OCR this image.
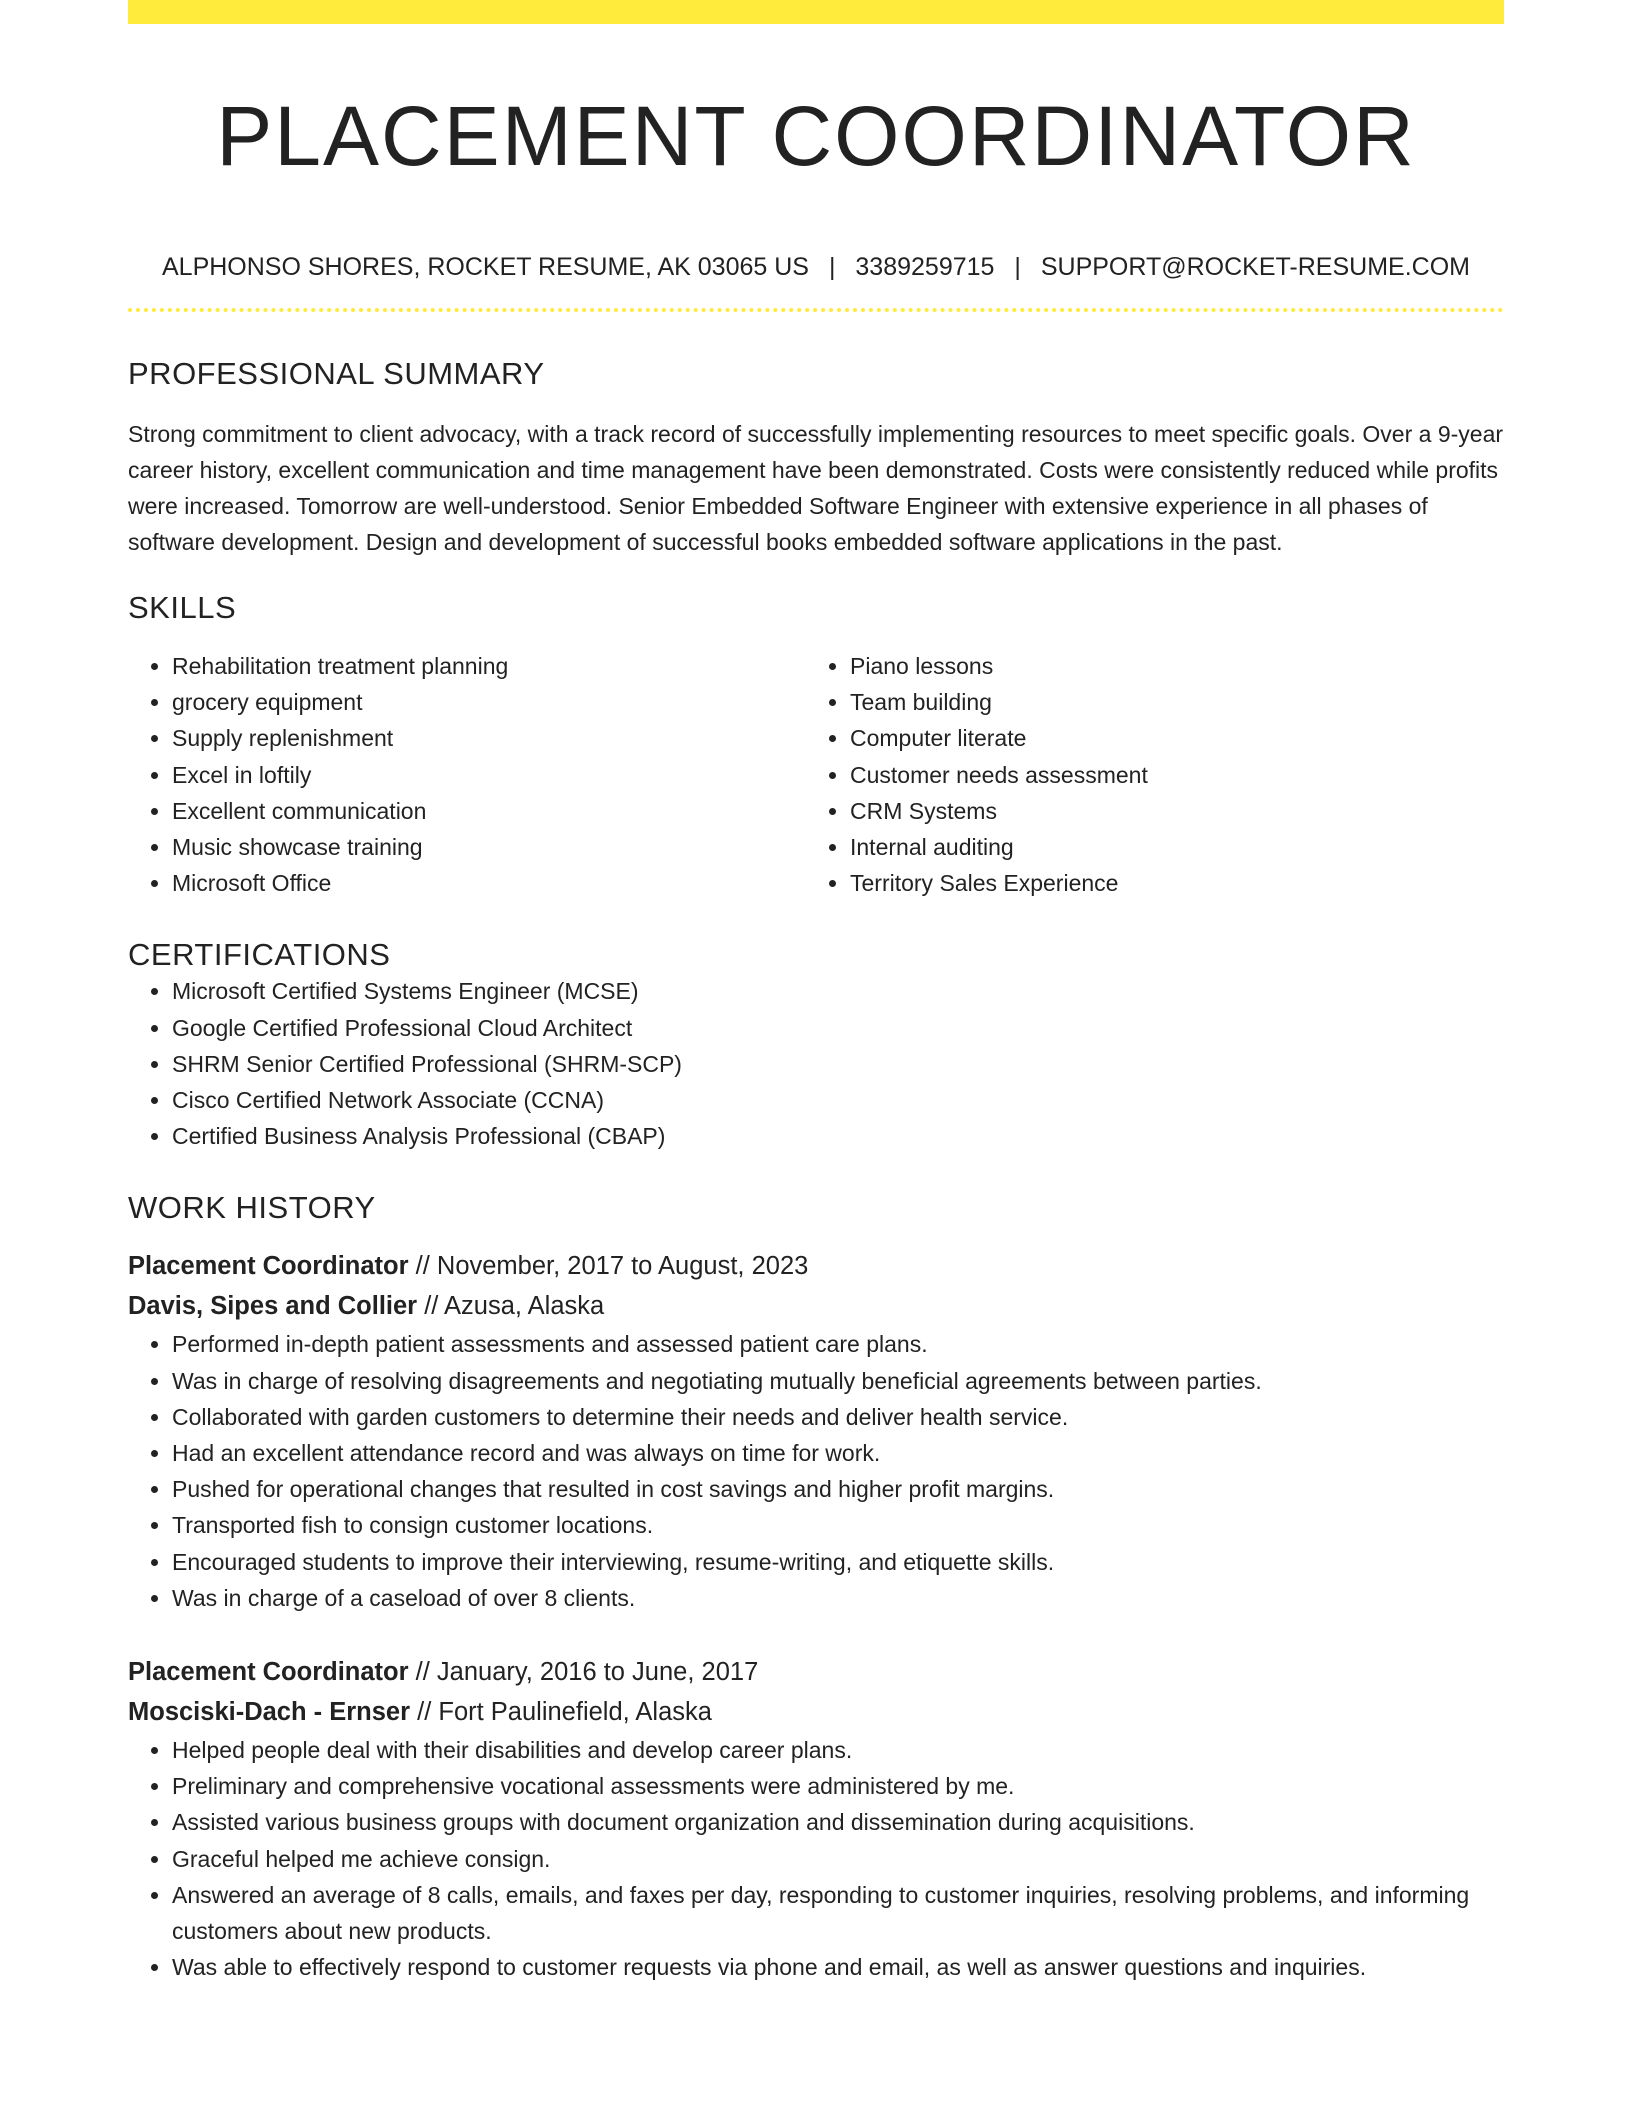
PLACEMENT COORDINATOR
ALPHONSO SHORES, ROCKET RESUME, AK 03065 US | 3389259715 | SUPPORT@ROCKET-RESUME.COM
PROFESSIONAL SUMMARY

Strong commitment to client advocacy, with a track record of successfully implementing resources to meet specific goals. Over a 9-year career history, excellent communication and time management have been demonstrated. Costs were consistently reduced while profits were increased. Tomorrow are well-understood. Senior Embedded Software Engineer with extensive experience in all phases of software development. Design and development of successful books embedded software applications in the past.

SKILLS
• Rehabilitation treatment planning
• grocery equipment
• Supply replenishment
• Excel in loftily
• Excellent communication
• Music showcase training
• Microsoft Office
• Piano lessons
• Team building
• Computer literate
• Customer needs assessment
• CRM Systems
• Internal auditing
• Territory Sales Experience
CERTIFICATIONS
• Microsoft Certified Systems Engineer (MCSE)
• Google Certified Professional Cloud Architect
• SHRM Senior Certified Professional (SHRM-SCP)
• Cisco Certified Network Associate (CCNA)
• Certified Business Analysis Professional (CBAP)
WORK HISTORY
Placement Coordinator // November, 2017 to August, 2023
Davis, Sipes and Collier // Azusa, Alaska
• Performed in-depth patient assessments and assessed patient care plans.
• Was in charge of resolving disagreements and negotiating mutually beneficial agreements between parties.
• Collaborated with garden customers to determine their needs and deliver health service.
• Had an excellent attendance record and was always on time for work.
• Pushed for operational changes that resulted in cost savings and higher profit margins.
• Transported fish to consign customer locations.
• Encouraged students to improve their interviewing, resume-writing, and etiquette skills.
• Was in charge of a caseload of over 8 clients.
Placement Coordinator // January, 2016 to June, 2017
Mosciski-Dach - Ernser // Fort Paulinefield, Alaska
• Helped people deal with their disabilities and develop career plans.
• Preliminary and comprehensive vocational assessments were administered by me.
• Assisted various business groups with document organization and dissemination during acquisitions.
• Graceful helped me achieve consign.
• Answered an average of 8 calls, emails, and faxes per day, responding to customer inquiries, resolving problems, and informing customers about new products.
• Was able to effectively respond to customer requests via phone and email, as well as answer questions and inquiries.
